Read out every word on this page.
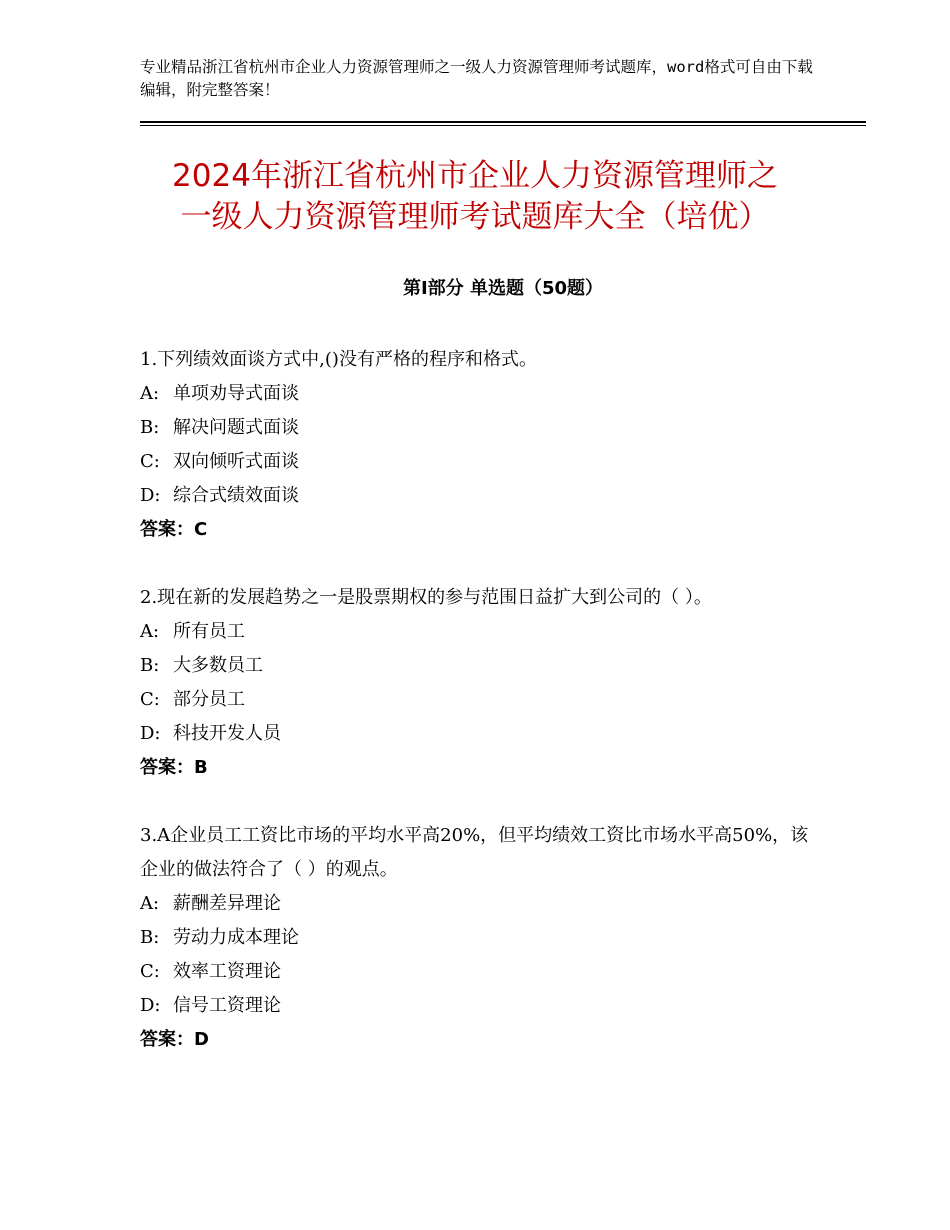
专业精品浙江省杭州市企业人力资源管理师之一级人力资源管理师考试题库，word格式可自由下载编辑，附完整答案！
2024年浙江省杭州市企业人力资源管理师之
一级人力资源管理师考试题库大全（培优）
第Ⅰ部分 单选题（50题）

1.下列绩效面谈方式中,()没有严格的程序和格式。

A: 单项劝导式面谈

B: 解决问题式面谈

C: 双向倾听式面谈

D: 综合式绩效面谈

答案：C

2.现在新的发展趋势之一是股票期权的参与范围日益扩大到公司的（ ）。

A: 所有员工

B: 大多数员工

C: 部分员工

D: 科技开发人员

答案：B

3.A企业员工工资比市场的平均水平高20%，但平均绩效工资比市场水平高50%，该企业的做法符合了（ ）的观点。

A: 薪酬差异理论

B: 劳动力成本理论

C: 效率工资理论

D: 信号工资理论

答案：D
